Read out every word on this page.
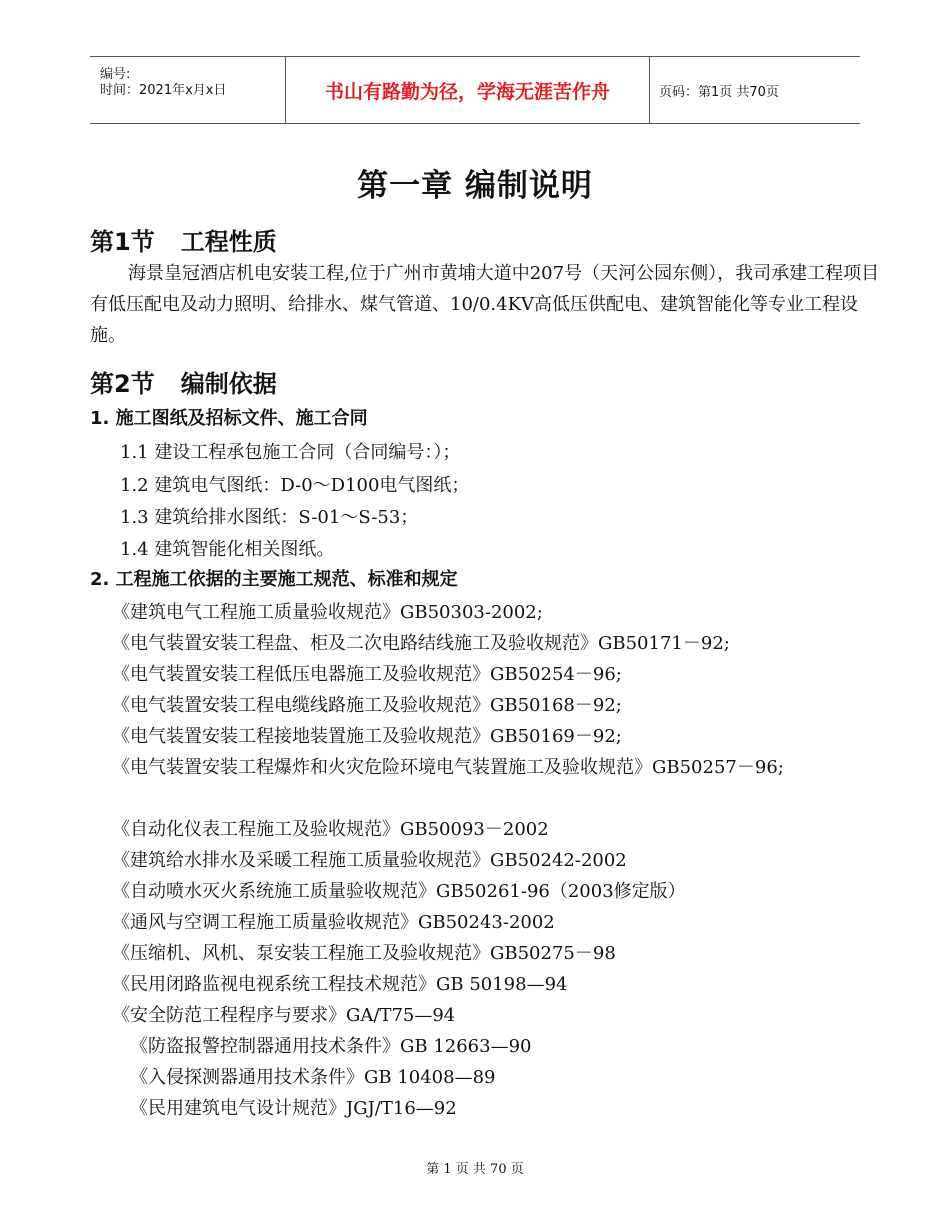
编号:
时间：2021年x月x日	书山有路勤为径，学海无涯苦作舟	页码：第1页 共70页
第一章 编制说明
第1节 工程性质
海景皇冠酒店机电安装工程,位于广州市黄埔大道中207号（天河公园东侧），我司承建工程项目有低压配电及动力照明、给排水、煤气管道、10/0.4KV高低压供配电、建筑智能化等专业工程设施。
第2节 编制依据
1. 施工图纸及招标文件、施工合同
1.1 建设工程承包施工合同（合同编号：）；
1.2 建筑电气图纸：D-0～D100电气图纸；
1.3 建筑给排水图纸：S-01～S-53；
1.4 建筑智能化相关图纸。
2. 工程施工依据的主要施工规范、标准和规定
《建筑电气工程施工质量验收规范》GB50303-2002;
《电气装置安装工程盘、柜及二次电路结线施工及验收规范》GB50171－92;
《电气装置安装工程低压电器施工及验收规范》GB50254－96;
《电气装置安装工程电缆线路施工及验收规范》GB50168－92;
《电气装置安装工程接地装置施工及验收规范》GB50169－92;
《电气装置安装工程爆炸和火灾危险环境电气装置施工及验收规范》GB50257－96;
《自动化仪表工程施工及验收规范》GB50093－2002
《建筑给水排水及采暖工程施工质量验收规范》GB50242-2002
《自动喷水灭火系统施工质量验收规范》GB50261-96（2003修定版）
《通风与空调工程施工质量验收规范》GB50243-2002
《压缩机、风机、泵安装工程施工及验收规范》GB50275－98
《民用闭路监视电视系统工程技术规范》GB 50198—94
《安全防范工程程序与要求》GA/T75—94
《防盗报警控制器通用技术条件》GB 12663—90
《入侵探测器通用技术条件》GB 10408—89
《民用建筑电气设计规范》JGJ/T16—92
第 1 页 共 70 页
